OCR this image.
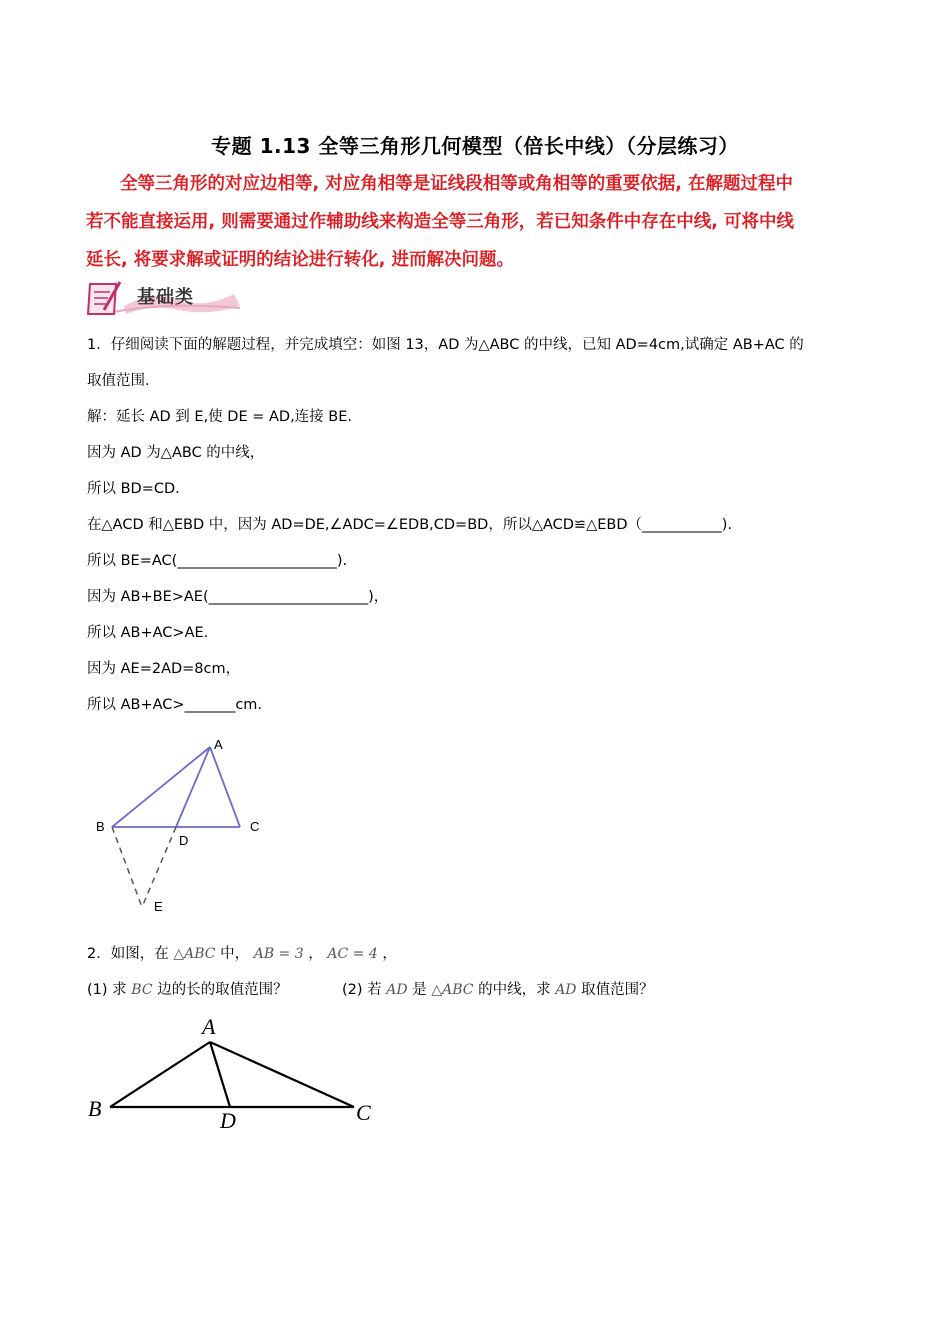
专题 1.13 全等三角形几何模型（倍长中线）（分层练习）
全等三角形的对应边相等, 对应角相等是证线段相等或角相等的重要依据, 在解题过程中
若不能直接运用, 则需要通过作辅助线来构造全等三角形，若已知条件中存在中线, 可将中线
延长, 将要求解或证明的结论进行转化, 进而解决问题。
基础类
1．仔细阅读下面的解题过程，并完成填空：如图 13，AD 为△ABC 的中线，已知 AD=4cm,试确定 AB+AC 的
取值范围.
解：延长 AD 到 E,使 DE = AD,连接 BE.
因为 AD 为△ABC 的中线，
所以 BD=CD.
在△ACD 和△EBD 中，因为 AD=DE,∠ADC=∠EDB,CD=BD，所以△ACD≌△EBD（___________).
所以 BE=AC(______________________).
因为 AB+BE>AE(______________________)，
所以 AB+AC>AE.
因为 AE=2AD=8cm，
所以 AB+AC>_______cm.
A
B	C
D
E
2．如图，在 △ABC 中， AB = 3 ， AC = 4 ，
(1) 求 BC 边的长的取值范围？	(2) 若 AD 是 △ABC 的中线，求 AD 取值范围？
A
B	C
D
